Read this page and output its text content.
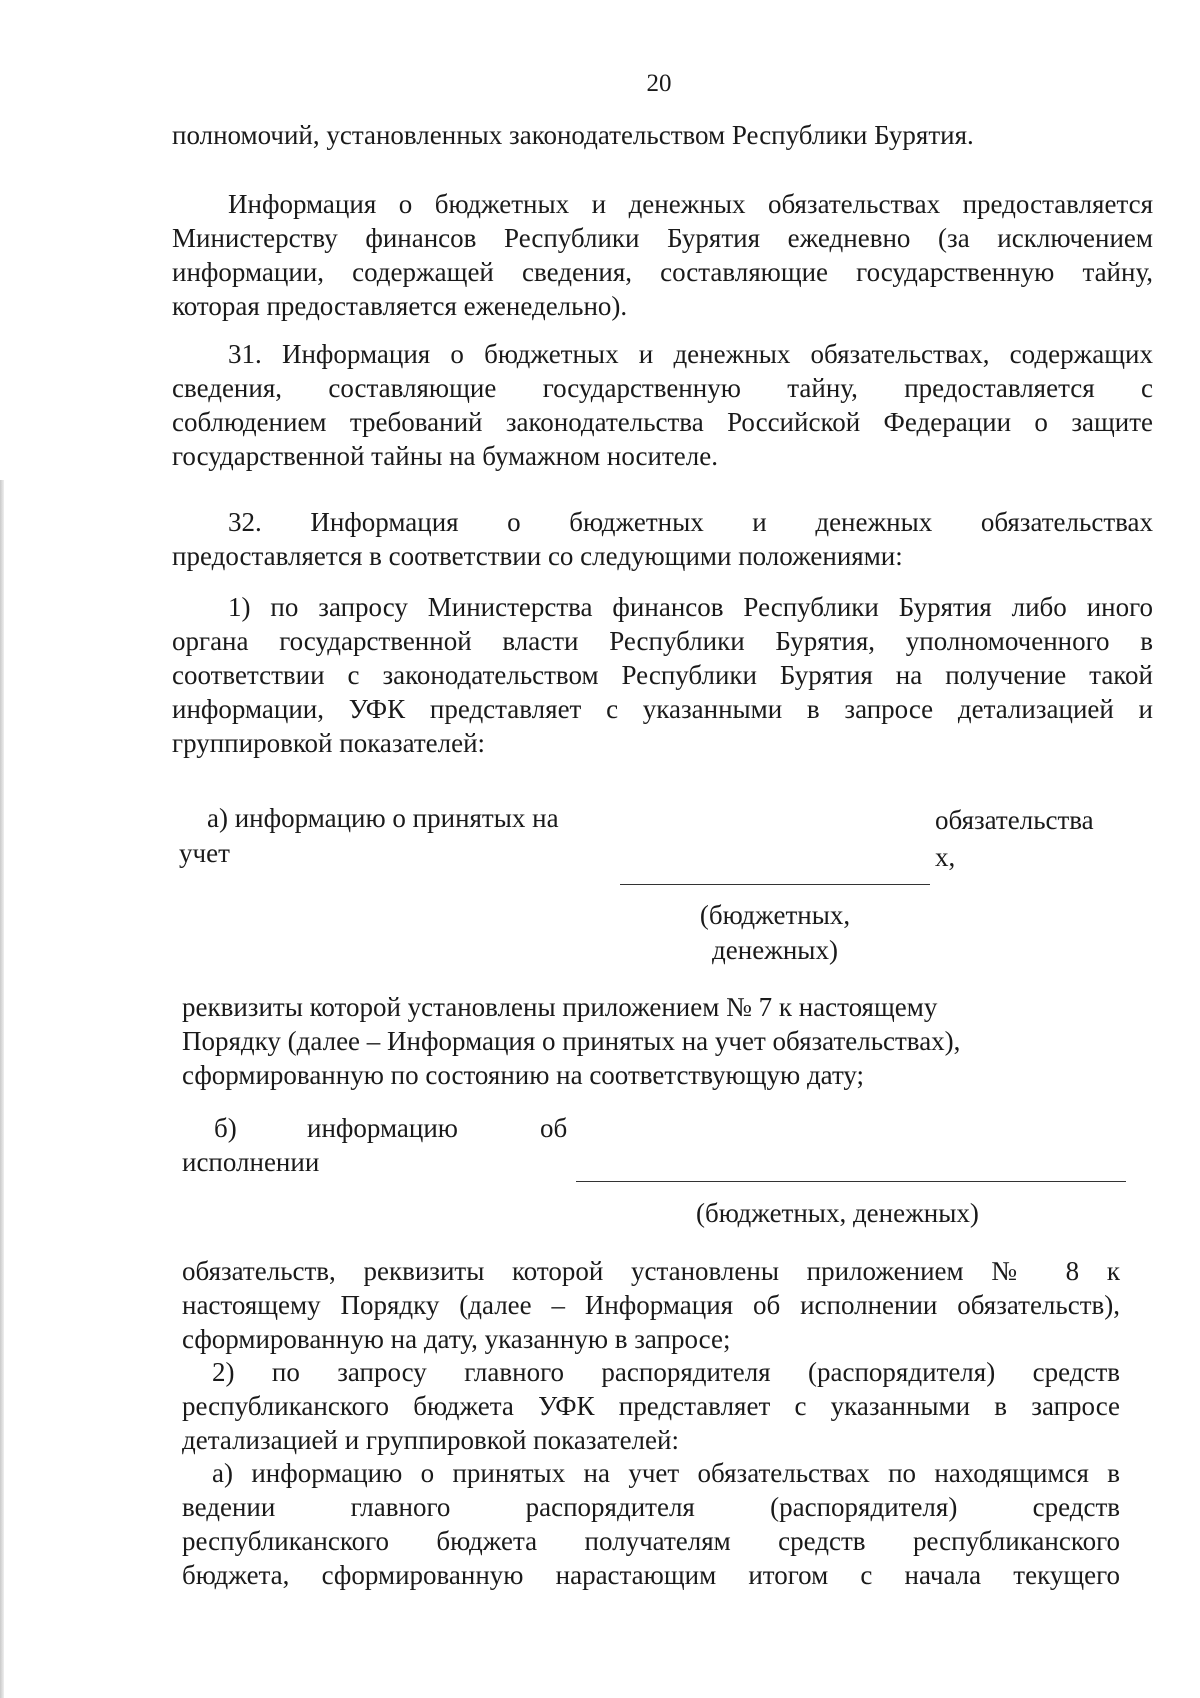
20
полномочий, установленных законодательством Республики Бурятия.
Информация о бюджетных и денежных обязательствах предоставляется
Министерству финансов Республики Бурятия ежедневно (за исключением
информации, содержащей сведения, составляющие государственную тайну,
которая предоставляется еженедельно).
31. Информация о бюджетных и денежных обязательствах, содержащих
сведения, составляющие государственную тайну, предоставляется с
соблюдением требований законодательства Российской Федерации о защите
государственной тайны на бумажном носителе.
32. Информация о бюджетных и денежных обязательствах
предоставляется в соответствии со следующими положениями:
1) по запросу Министерства финансов Республики Бурятия либо иного
органа государственной власти Республики Бурятия, уполномоченного в
соответствии с законодательством Республики Бурятия на получение такой
информации, УФК представляет с указанными в запросе детализацией и
группировкой показателей:
а) информацию о принятых на
учет
обязательства
х,
(бюджетных,
денежных)
реквизиты которой установлены приложением № 7 к настоящему
Порядку (далее – Информация о принятых на учет обязательствах),
сформированную по состоянию на соответствующую дату;
б)	информацию	об
исполнении
(бюджетных, денежных)
обязательств, реквизиты которой установлены приложением № 8 к
настоящему Порядку (далее – Информация об исполнении обязательств),
сформированную на дату, указанную в запросе;
2) по запросу главного распорядителя (распорядителя) средств
республиканского бюджета УФК представляет с указанными в запросе
детализацией и группировкой показателей:
а) информацию о принятых на учет обязательствах по находящимся в
ведении главного распорядителя (распорядителя) средств
республиканского бюджета получателям средств республиканского
бюджета, сформированную нарастающим итогом с начала текущего
